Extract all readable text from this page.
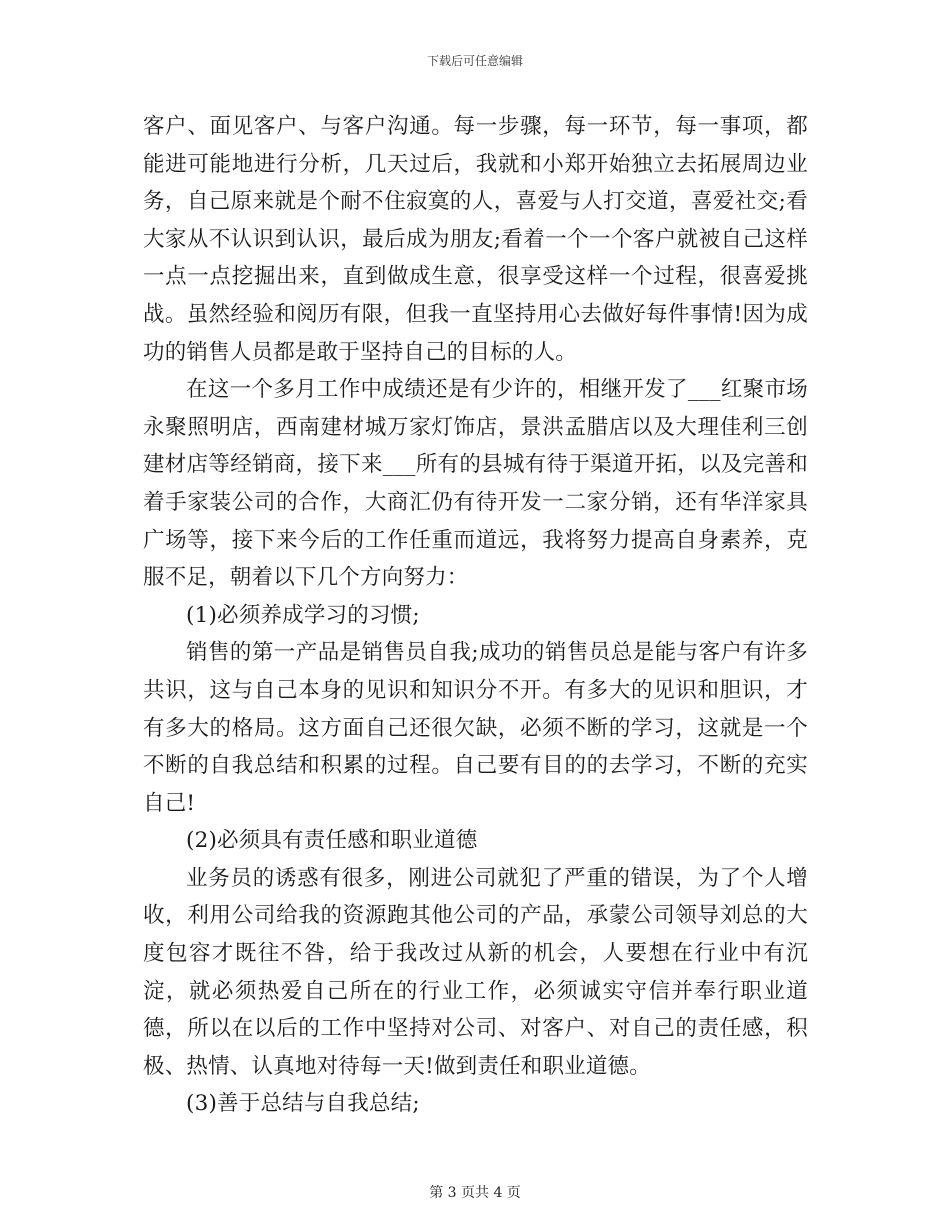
下载后可任意编辑

客户、面见客户、与客户沟通。每一步骤，每一环节，每一事项，都能进可能地进行分析，几天过后，我就和小郑开始独立去拓展周边业务，自己原来就是个耐不住寂寞的人，喜爱与人打交道，喜爱社交;看大家从不认识到认识，最后成为朋友;看着一个一个客户就被自己这样一点一点挖掘出来，直到做成生意，很享受这样一个过程，很喜爱挑战。虽然经验和阅历有限，但我一直坚持用心去做好每件事情!因为成功的销售人员都是敢于坚持自己的目标的人。

在这一个多月工作中成绩还是有少许的，相继开发了___红聚市场永聚照明店，西南建材城万家灯饰店，景洪孟腊店以及大理佳利三创建材店等经销商，接下来___所有的县城有待于渠道开拓，以及完善和着手家装公司的合作，大商汇仍有待开发一二家分销，还有华洋家具广场等，接下来今后的工作任重而道远，我将努力提高自身素养，克服不足，朝着以下几个方向努力：

(1)必须养成学习的习惯;

销售的第一产品是销售员自我;成功的销售员总是能与客户有许多共识，这与自己本身的见识和知识分不开。有多大的见识和胆识，才有多大的格局。这方面自己还很欠缺，必须不断的学习，这就是一个不断的自我总结和积累的过程。自己要有目的的去学习，不断的充实自己!

(2)必须具有责任感和职业道德

业务员的诱惑有很多，刚进公司就犯了严重的错误，为了个人增收，利用公司给我的资源跑其他公司的产品，承蒙公司领导刘总的大度包容才既往不咎，给于我改过从新的机会，人要想在行业中有沉淀，就必须热爱自己所在的行业工作，必须诚实守信并奉行职业道德，所以在以后的工作中坚持对公司、对客户、对自己的责任感，积极、热情、认真地对待每一天!做到责任和职业道德。

(3)善于总结与自我总结;

第 3 页共 4 页
